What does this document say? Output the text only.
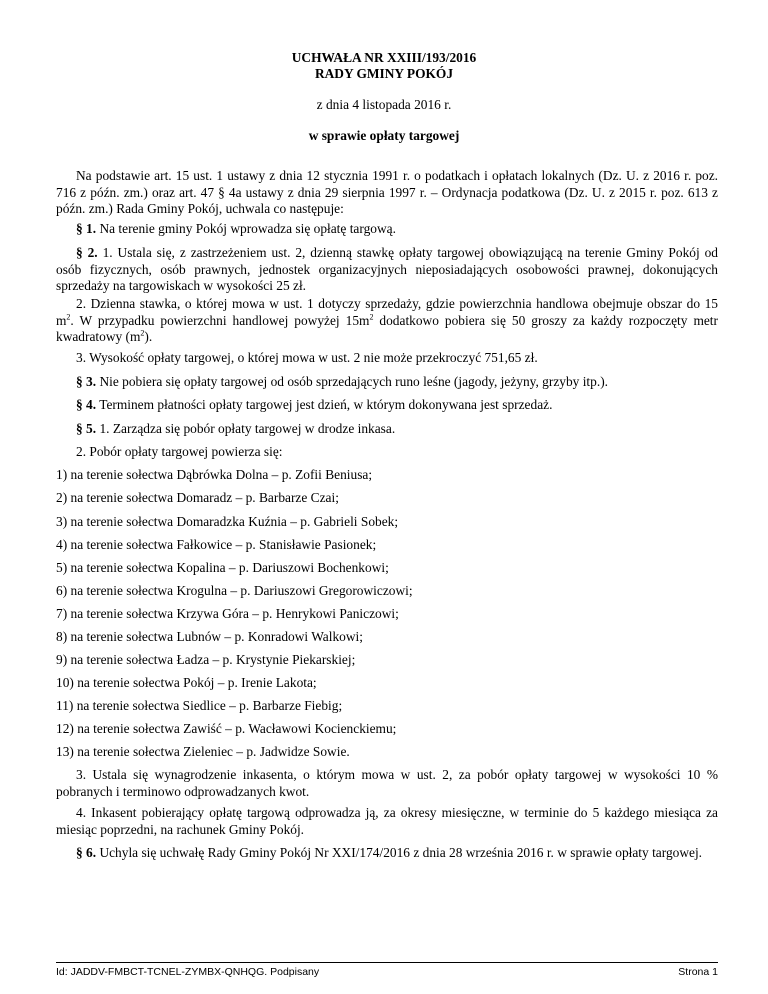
UCHWAŁA NR XXIII/193/2016
RADY GMINY POKÓJ
z dnia 4 listopada 2016 r.
w sprawie opłaty targowej
Na podstawie art. 15 ust. 1 ustawy z dnia 12 stycznia 1991 r. o podatkach i opłatach lokalnych (Dz. U. z 2016 r. poz. 716 z późn. zm.) oraz art. 47 § 4a ustawy z dnia 29 sierpnia 1997 r. – Ordynacja podatkowa (Dz. U. z 2015 r. poz. 613 z późn. zm.) Rada Gminy Pokój, uchwala co następuje:
§ 1. Na terenie gminy Pokój wprowadza się opłatę targową.
§ 2. 1. Ustala się, z zastrzeżeniem ust. 2, dzienną stawkę opłaty targowej obowiązującą na terenie Gminy Pokój od osób fizycznych, osób prawnych, jednostek organizacyjnych nieposiadających osobowości prawnej, dokonujących sprzedaży na targowiskach w wysokości 25 zł.
2. Dzienna stawka, o której mowa w ust. 1 dotyczy sprzedaży, gdzie powierzchnia handlowa obejmuje obszar do 15 $m^2$. W przypadku powierzchni handlowej powyżej $15m^2$ dodatkowo pobiera się 50 groszy za każdy rozpoczęty metr kwadratowy $(m^2)$.
3. Wysokość opłaty targowej, o której mowa w ust. 2 nie może przekroczyć 751,65 zł.
§ 3. Nie pobiera się opłaty targowej od osób sprzedających runo leśne (jagody, jeżyny, grzyby itp.).
§ 4. Terminem płatności opłaty targowej jest dzień, w którym dokonywana jest sprzedaż.
§ 5. 1. Zarządza się pobór opłaty targowej w drodze inkasa.
2. Pobór opłaty targowej powierza się:
1) na terenie sołectwa Dąbrówka Dolna – p. Zofii Beniusa;
2) na terenie sołectwa Domaradz – p. Barbarze Czai;
3) na terenie sołectwa Domaradzka Kuźnia – p. Gabrieli Sobek;
4) na terenie sołectwa Fałkowice – p. Stanisławie Pasionek;
5) na terenie sołectwa Kopalina – p. Dariuszowi Bochenkowi;
6) na terenie sołectwa Krogulna – p. Dariuszowi Gregorowiczowi;
7) na terenie sołectwa Krzywa Góra – p. Henrykowi Paniczowi;
8) na terenie sołectwa Lubnów – p. Konradowi Walkowi;
9) na terenie sołectwa Ładza – p. Krystynie Piekarskiej;
10) na terenie sołectwa Pokój – p. Irenie Lakota;
11) na terenie sołectwa Siedlice – p. Barbarze Fiebig;
12) na terenie sołectwa Zawiść – p. Wacławowi Kocienckiemu;
13) na terenie sołectwa Zieleniec – p. Jadwidze Sowie.
3. Ustala się wynagrodzenie inkasenta, o którym mowa w ust. 2, za pobór opłaty targowej w wysokości 10 % pobranych i terminowo odprowadzanych kwot.
4. Inkasent pobierający opłatę targową odprowadza ją, za okresy miesięczne, w terminie do 5 każdego miesiąca za miesiąc poprzedni, na rachunek Gminy Pokój.
§ 6. Uchyla się uchwałę Rady Gminy Pokój Nr XXI/174/2016 z dnia 28 września 2016 r. w sprawie opłaty targowej.
Id: JADDV-FMBCT-TCNEL-ZYMBX-QNHQG. Podpisany	Strona 1
